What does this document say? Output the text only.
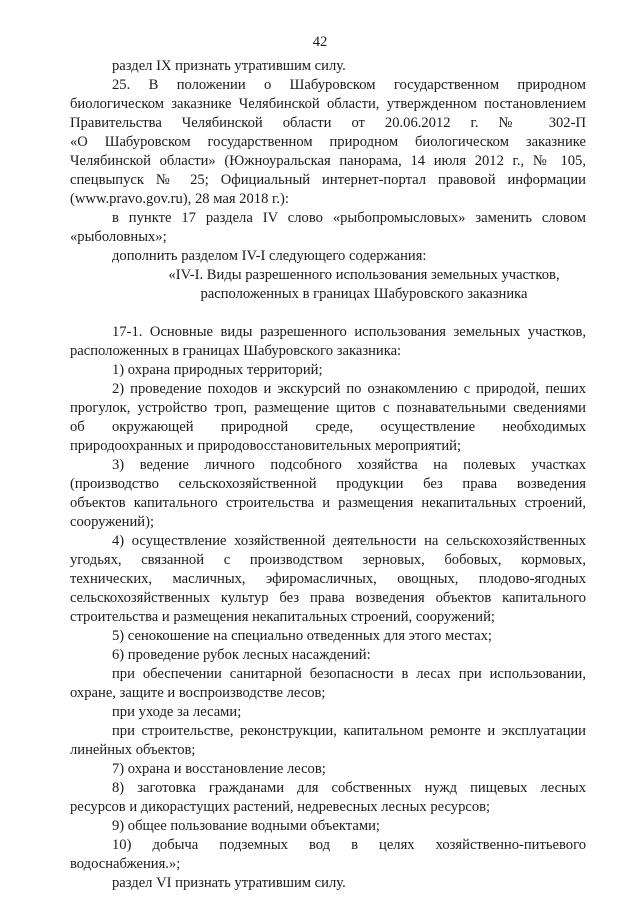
42

раздел IX признать утратившим силу.

25. В положении о Шабуровском государственном природном

биологическом заказнике Челябинской области, утвержденном постановлением

Правительства Челябинской области от 20.06.2012 г. № 302-П

«О Шабуровском государственном природном биологическом заказнике

Челябинской области» (Южноуральская панорама, 14 июля 2012 г., № 105,

спецвыпуск № 25; Официальный интернет-портал правовой информации

(www.pravo.gov.ru), 28 мая 2018 г.):

в пункте 17 раздела IV слово «рыбопромысловых» заменить словом

«рыболовных»;

дополнить разделом IV-I следующего содержания:

«IV-I. Виды разрешенного использования земельных участков,

расположенных в границах Шабуровского заказника

17-1. Основные виды разрешенного использования земельных участков,

расположенных в границах Шабуровского заказника:

1) охрана природных территорий;

2) проведение походов и экскурсий по ознакомлению с природой, пеших

прогулок, устройство троп, размещение щитов с познавательными сведениями

об окружающей природной среде, осуществление необходимых

природоохранных и природовосстановительных мероприятий;

3) ведение личного подсобного хозяйства на полевых участках

(производство сельскохозяйственной продукции без права возведения

объектов капитального строительства и размещения некапитальных строений,

сооружений);

4) осуществление хозяйственной деятельности на сельскохозяйственных

угодьях, связанной с производством зерновых, бобовых, кормовых,

технических, масличных, эфиромасличных, овощных, плодово-ягодных

сельскохозяйственных культур без права возведения объектов капитального

строительства и размещения некапитальных строений, сооружений;

5) сенокошение на специально отведенных для этого местах;

6) проведение рубок лесных насаждений:

при обеспечении санитарной безопасности в лесах при использовании,

охране, защите и воспроизводстве лесов;

при уходе за лесами;

при строительстве, реконструкции, капитальном ремонте и эксплуатации

линейных объектов;

7) охрана и восстановление лесов;

8) заготовка гражданами для собственных нужд пищевых лесных

ресурсов и дикорастущих растений, недревесных лесных ресурсов;

9) общее пользование водными объектами;

10) добыча подземных вод в целях хозяйственно-питьевого

водоснабжения.»;

раздел VI признать утратившим силу.
